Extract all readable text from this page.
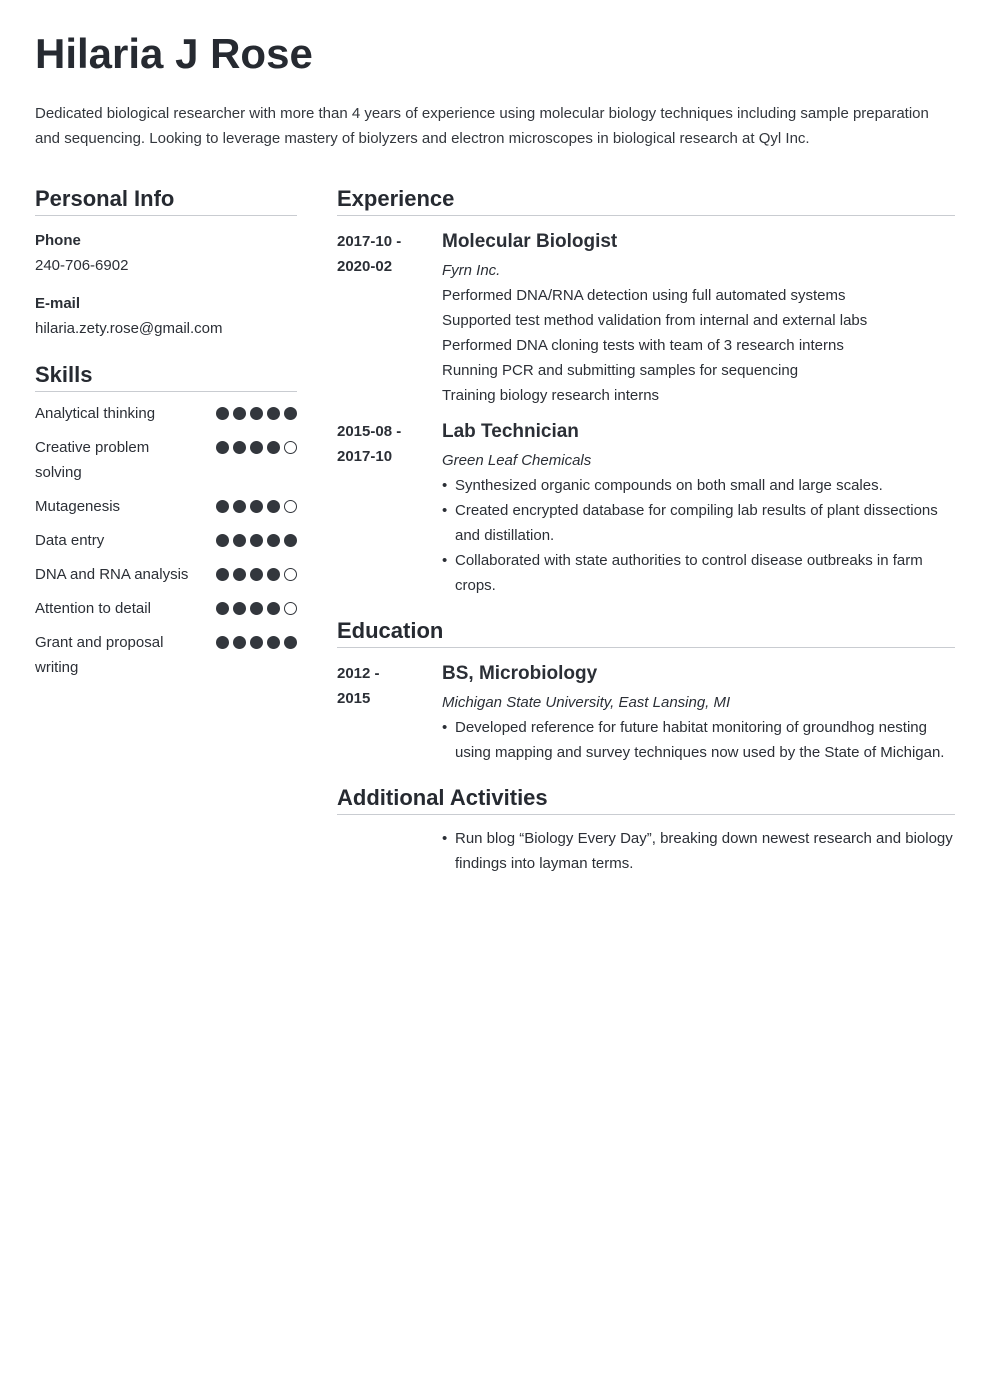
Hilaria J Rose

Dedicated biological researcher with more than 4 years of experience using molecular biology techniques including sample preparation and sequencing. Looking to leverage mastery of biolyzers and electron microscopes in biological research at Qyl Inc.

Personal Info
Phone
240-706-6902
E-mail
hilaria.zety.rose@gmail.com
Skills
Analytical thinking
Creative problem solving
Mutagenesis
Data entry
DNA and RNA analysis
Attention to detail
Grant and proposal writing
Experience
2017-10 -
2020-02
Molecular Biologist
Fyrn Inc.
Performed DNA/RNA detection using full automated systems
Supported test method validation from internal and external labs
Performed DNA cloning tests with team of 3 research interns
Running PCR and submitting samples for sequencing
Training biology research interns
2015-08 -
2017-10
Lab Technician
Green Leaf Chemicals
• Synthesized organic compounds on both small and large scales.
• Created encrypted database for compiling lab results of plant dissections and distillation.
• Collaborated with state authorities to control disease outbreaks in farm crops.
Education
2012 -
2015
BS, Microbiology
Michigan State University, East Lansing, MI
• Developed reference for future habitat monitoring of groundhog nesting using mapping and survey techniques now used by the State of Michigan.
Additional Activities
• Run blog “Biology Every Day”, breaking down newest research and biology findings into layman terms.
